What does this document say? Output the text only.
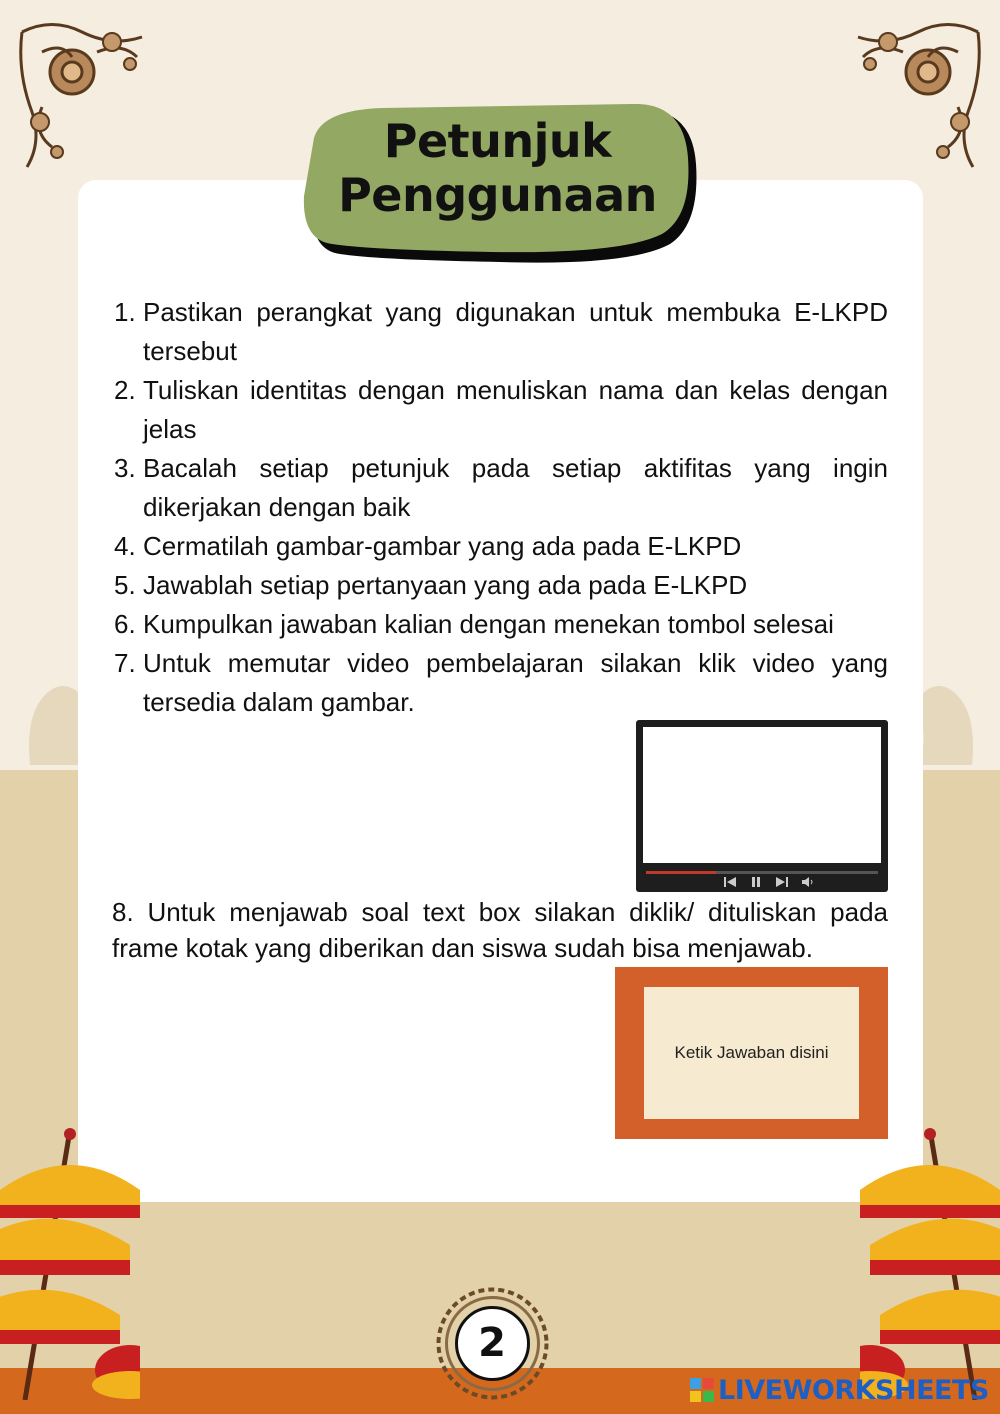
Petunjuk
Penggunaan
1. Pastikan perangkat yang digunakan untuk membuka E-LKPD tersebut
2. Tuliskan identitas dengan menuliskan nama dan kelas dengan jelas
3. Bacalah setiap petunjuk pada setiap aktifitas yang ingin dikerjakan dengan baik
4. Cermatilah gambar-gambar yang ada pada E-LKPD
5. Jawablah setiap pertanyaan yang ada pada E-LKPD
6. Kumpulkan jawaban kalian dengan menekan tombol selesai
7. Untuk memutar video pembelajaran silakan klik video yang tersedia dalam gambar.

8. Untuk menjawab soal text box silakan diklik/ dituliskan pada frame kotak yang diberikan dan siswa sudah bisa menjawab.

Ketik Jawaban disini
2
LIVEWORKSHEETS
